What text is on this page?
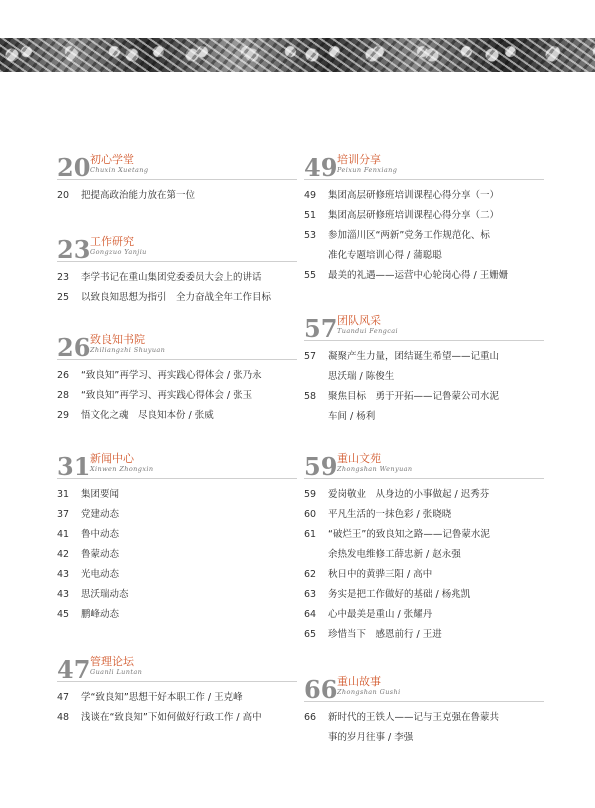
20 初心学堂
Chuxin Xuetang
20	把提高政治能力放在第一位
23 工作研究
Gongzuo Yanjiu
23	李学书记在重山集团党委委员大会上的讲话
25	以致良知思想为指引　全力奋战全年工作目标
26 致良知书院
Zhiliangzhi Shuyuan
26	“致良知”再学习、再实践心得体会 / 张乃永
28	“致良知”再学习、再实践心得体会 / 张玉
29	悟文化之魂　尽良知本份 / 张威
31 新闻中心
Xinwen Zhongxin
31	集团要闻
37	党建动态
41	鲁中动态
42	鲁蒙动态
43	光电动态
43	思沃瑞动态
45	鹏峰动态
47 管理论坛
Guanli Luntan
47	学“致良知”思想干好本职工作 / 王克峰
48	浅谈在“致良知”下如何做好行政工作 / 高中
49 培训分享
Peixun Fenxiang
49	集团高层研修班培训课程心得分享（一）
51	集团高层研修班培训课程心得分享（二）
53	参加淄川区“两新”党务工作规范化、标
准化专题培训心得 / 蒲聪聪
55	最美的礼遇——运营中心轮岗心得 / 王姗姗
57 团队风采
Tuandui Fengcai
57	凝聚产生力量，团结诞生希望——记重山
思沃瑞 / 陈俊生
58	聚焦目标　勇于开拓——记鲁蒙公司水泥
车间 / 杨利
59 重山文苑
Zhongshan Wenyuan
59	爱岗敬业　从身边的小事做起 / 迟秀芬
60	平凡生活的一抹色彩 / 张晓晓
61	“破烂王”的致良知之路——记鲁蒙水泥
余热发电维修工薛忠新 / 赵永强
62	秋日中的黄骅三阳 / 高中
63	务实是把工作做好的基础 / 杨兆凯
64	心中最美是重山 / 张耀丹
65	珍惜当下　感恩前行 / 王进
66 重山故事
Zhongshan Gushi
66	新时代的王铁人——记与王克强在鲁蒙共
事的岁月往事 / 李强
